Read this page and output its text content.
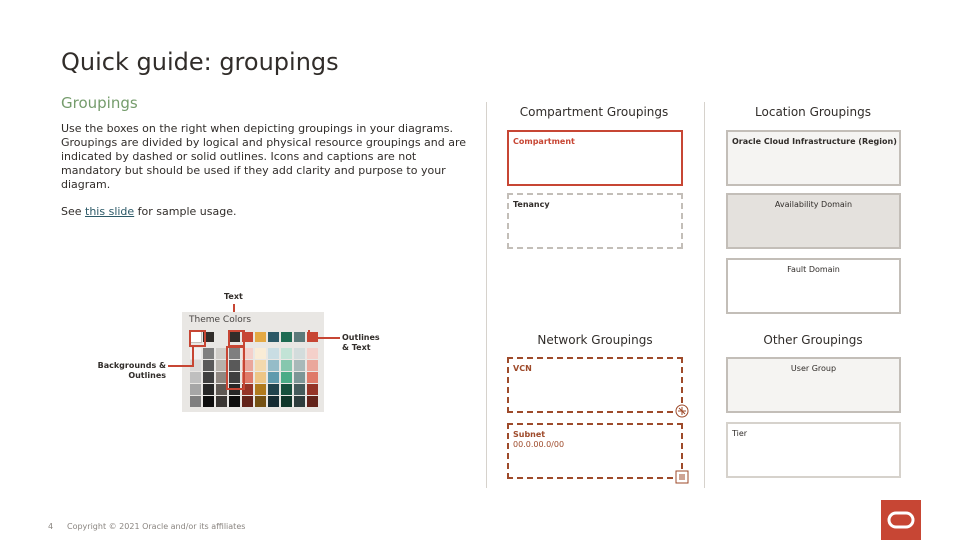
Quick guide: groupings
Groupings
Use the boxes on the right when depicting groupings in your diagrams. Groupings are divided by logical and physical resource groupings and are indicated by dashed or solid outlines. Icons and captions are not mandatory but should be used if they add clarity and purpose to your diagram.
See this slide for sample usage.
Text
Theme Colors
Outlines
& Text
Backgrounds &
Outlines
Compartment Groupings
Compartment
Tenancy
Location Groupings
Oracle Cloud Infrastructure (Region)
Availability Domain
Fault Domain
Network Groupings
VCN
Subnet
00.0.00.0/00
Other Groupings
User Group
Tier
4 Copyright © 2021 Oracle and/or its affiliates
